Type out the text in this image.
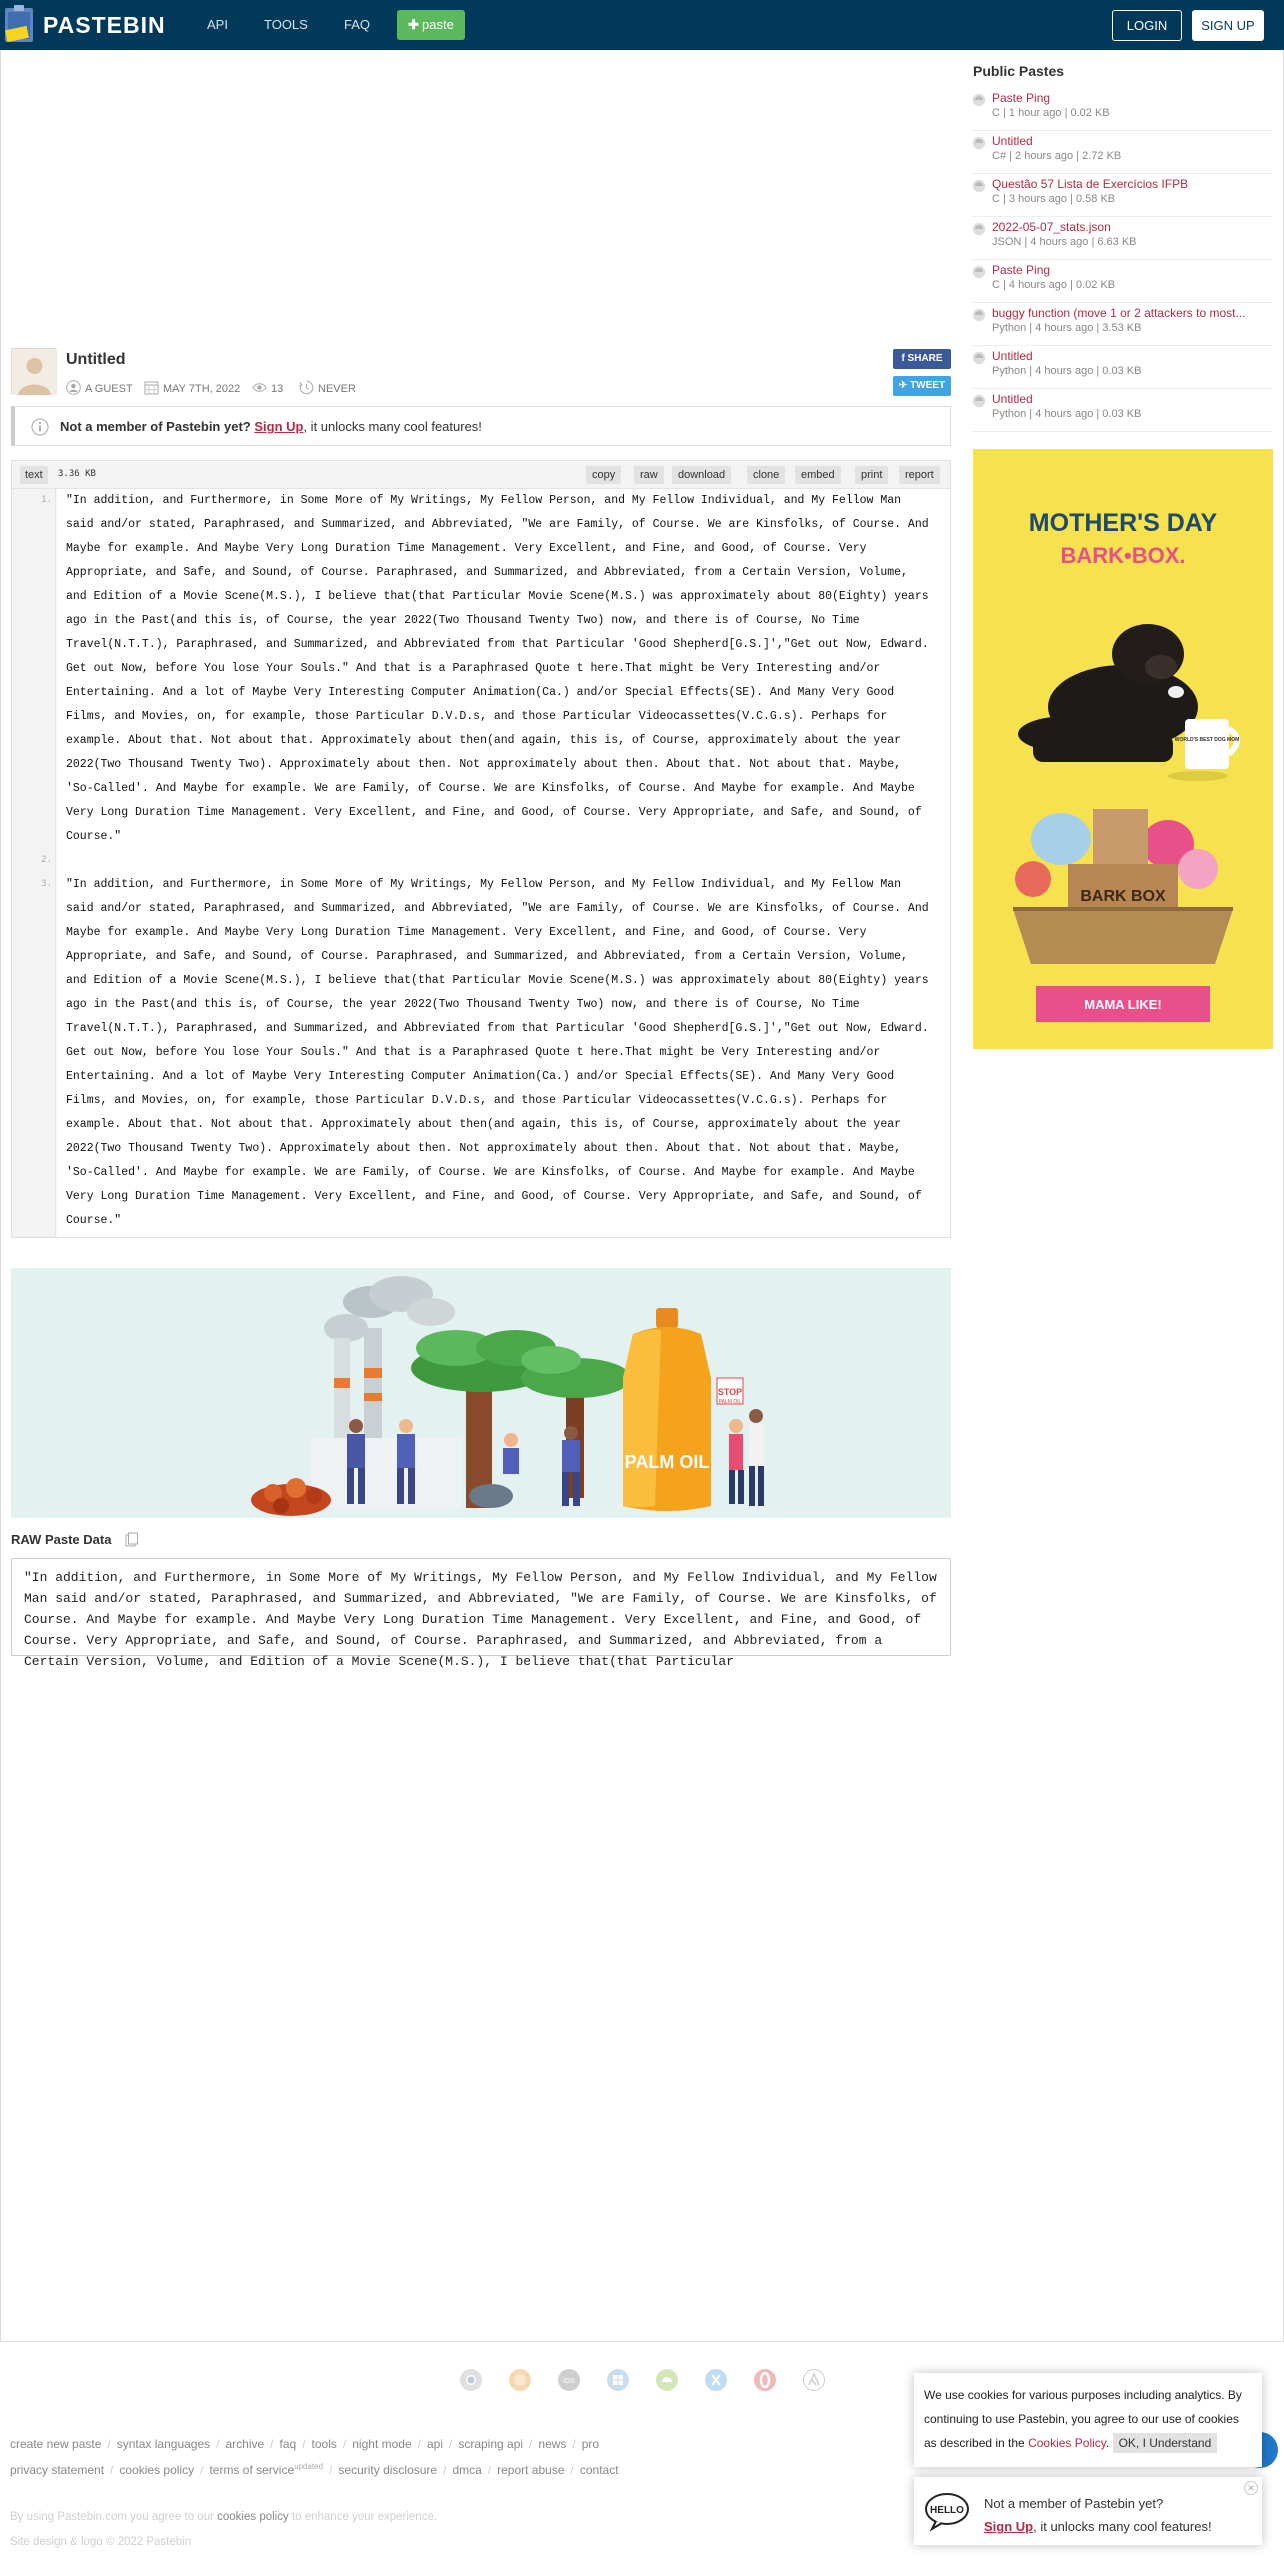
PASTEBIN	API	TOOLS	FAQ	✚ paste	LOGIN	SIGN UP
Untitled
A GUEST	MAY 7TH, 2022	13	NEVER
f SHARE
✈ TWEET
Not a member of Pastebin yet? Sign Up, it unlocks many cool features!
text	3.36 KB	copy	raw	download	clone	embed	print	report
1.
2.
3.
"In addition, and Furthermore, in Some More of My Writings, My Fellow Person, and My Fellow Individual, and My Fellow Man
said and/or stated, Paraphrased, and Summarized, and Abbreviated, "We are Family, of Course. We are Kinsfolks, of Course. And
Maybe for example. And Maybe Very Long Duration Time Management. Very Excellent, and Fine, and Good, of Course. Very
Appropriate, and Safe, and Sound, of Course. Paraphrased, and Summarized, and Abbreviated, from a Certain Version, Volume,
and Edition of a Movie Scene(M.S.), I believe that(that Particular Movie Scene(M.S.) was approximately about 80(Eighty) years
ago in the Past(and this is, of Course, the year 2022(Two Thousand Twenty Two) now, and there is of Course, No Time
Travel(N.T.T.), Paraphrased, and Summarized, and Abbreviated from that Particular 'Good Shepherd[G.S.]',"Get out Now, Edward.
Get out Now, before You lose Your Souls." And that is a Paraphrased Quote t here.That might be Very Interesting and/or
Entertaining. And a lot of Maybe Very Interesting Computer Animation(Ca.) and/or Special Effects(SE). And Many Very Good
Films, and Movies, on, for example, those Particular D.V.D.s, and those Particular Videocassettes(V.C.G.s). Perhaps for
example. About that. Not about that. Approximately about then(and again, this is, of Course, approximately about the year
2022(Two Thousand Twenty Two). Approximately about then. Not approximately about then. About that. Not about that. Maybe,
'So-Called'. And Maybe for example. We are Family, of Course. We are Kinsfolks, of Course. And Maybe for example. And Maybe
Very Long Duration Time Management. Very Excellent, and Fine, and Good, of Course. Very Appropriate, and Safe, and Sound, of
Course."
"In addition, and Furthermore, in Some More of My Writings, My Fellow Person, and My Fellow Individual, and My Fellow Man
said and/or stated, Paraphrased, and Summarized, and Abbreviated, "We are Family, of Course. We are Kinsfolks, of Course. And
Maybe for example. And Maybe Very Long Duration Time Management. Very Excellent, and Fine, and Good, of Course. Very
Appropriate, and Safe, and Sound, of Course. Paraphrased, and Summarized, and Abbreviated, from a Certain Version, Volume,
and Edition of a Movie Scene(M.S.), I believe that(that Particular Movie Scene(M.S.) was approximately about 80(Eighty) years
ago in the Past(and this is, of Course, the year 2022(Two Thousand Twenty Two) now, and there is of Course, No Time
Travel(N.T.T.), Paraphrased, and Summarized, and Abbreviated from that Particular 'Good Shepherd[G.S.]',"Get out Now, Edward.
Get out Now, before You lose Your Souls." And that is a Paraphrased Quote t here.That might be Very Interesting and/or
Entertaining. And a lot of Maybe Very Interesting Computer Animation(Ca.) and/or Special Effects(SE). And Many Very Good
Films, and Movies, on, for example, those Particular D.V.D.s, and those Particular Videocassettes(V.C.G.s). Perhaps for
example. About that. Not about that. Approximately about then(and again, this is, of Course, approximately about the year
2022(Two Thousand Twenty Two). Approximately about then. Not approximately about then. About that. Not about that. Maybe,
'So-Called'. And Maybe for example. We are Family, of Course. We are Kinsfolks, of Course. And Maybe for example. And Maybe
Very Long Duration Time Management. Very Excellent, and Fine, and Good, of Course. Very Appropriate, and Safe, and Sound, of
Course."
PALM OIL
STOP
PALM OIL
RAW Paste Data
"In addition, and Furthermore, in Some More of My Writings, My Fellow Person, and My Fellow Individual, and My Fellow Man said and/or stated, Paraphrased, and Summarized, and Abbreviated, "We are Family, of Course. We are Kinsfolks, of Course. And Maybe for example. And Maybe Very Long Duration Time Management. Very Excellent, and Fine, and Good, of Course. Very Appropriate, and Safe, and Sound, of Course. Paraphrased, and Summarized, and Abbreviated, from a Certain Version, Volume, and Edition of a Movie Scene(M.S.), I believe that(that Particular
Public Pastes
Paste Ping
C | 1 hour ago | 0.02 KB
Untitled
C# | 2 hours ago | 2.72 KB
Questão 57 Lista de Exercícios IFPB
C | 3 hours ago | 0.58 KB
2022-05-07_stats.json
JSON | 4 hours ago | 6.63 KB
Paste Ping
C | 4 hours ago | 0.02 KB
buggy function (move 1 or 2 attackers to most...
Python | 4 hours ago | 3.53 KB
Untitled
Python | 4 hours ago | 0.03 KB
Untitled
Python | 4 hours ago | 0.03 KB
MOTHER'S DAY
BARK•BOX.
WORLD'S BEST DOG MOM
BARK BOX
MAMA LIKE!
iOS
create new paste / syntax languages / archive / faq / tools / night mode / api / scraping api / news / pro
privacy statement / cookies policy / terms of service$^{updated}$ / security disclosure / dmca / report abuse / contact
By using Pastebin.com you agree to our cookies policy to enhance your experience.
Site design & logo © 2022 Pastebin
We use cookies for various purposes including analytics. By continuing to use Pastebin, you agree to our use of cookies as described in the Cookies Policy. OK, I Understand
HELLO Not a member of Pastebin yet?
Sign Up, it unlocks many cool features!
✕
